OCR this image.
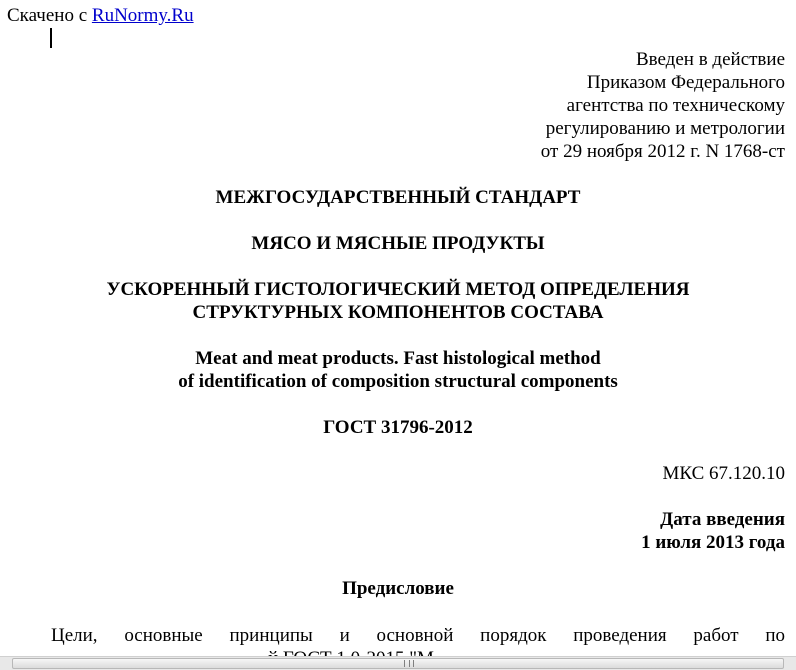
Скачено с RuNormy.Ru
Введен в действие
Приказом Федерального
агентства по техническому
регулированию и метрологии
от 29 ноября 2012 г. N 1768-ст
МЕЖГОСУДАРСТВЕННЫЙ СТАНДАРТ
МЯСО И МЯСНЫЕ ПРОДУКТЫ
УСКОРЕННЫЙ ГИСТОЛОГИЧЕСКИЙ МЕТОД ОПРЕДЕЛЕНИЯ
СТРУКТУРНЫХ КОМПОНЕНТОВ СОСТАВА
Meat and meat products. Fast histological method
of identification of composition structural components
ГОСТ 31796-2012
МКС 67.120.10
Дата введения
1 июля 2013 года
Предисловие
Цели, основные принципы и основной порядок проведения работ по
